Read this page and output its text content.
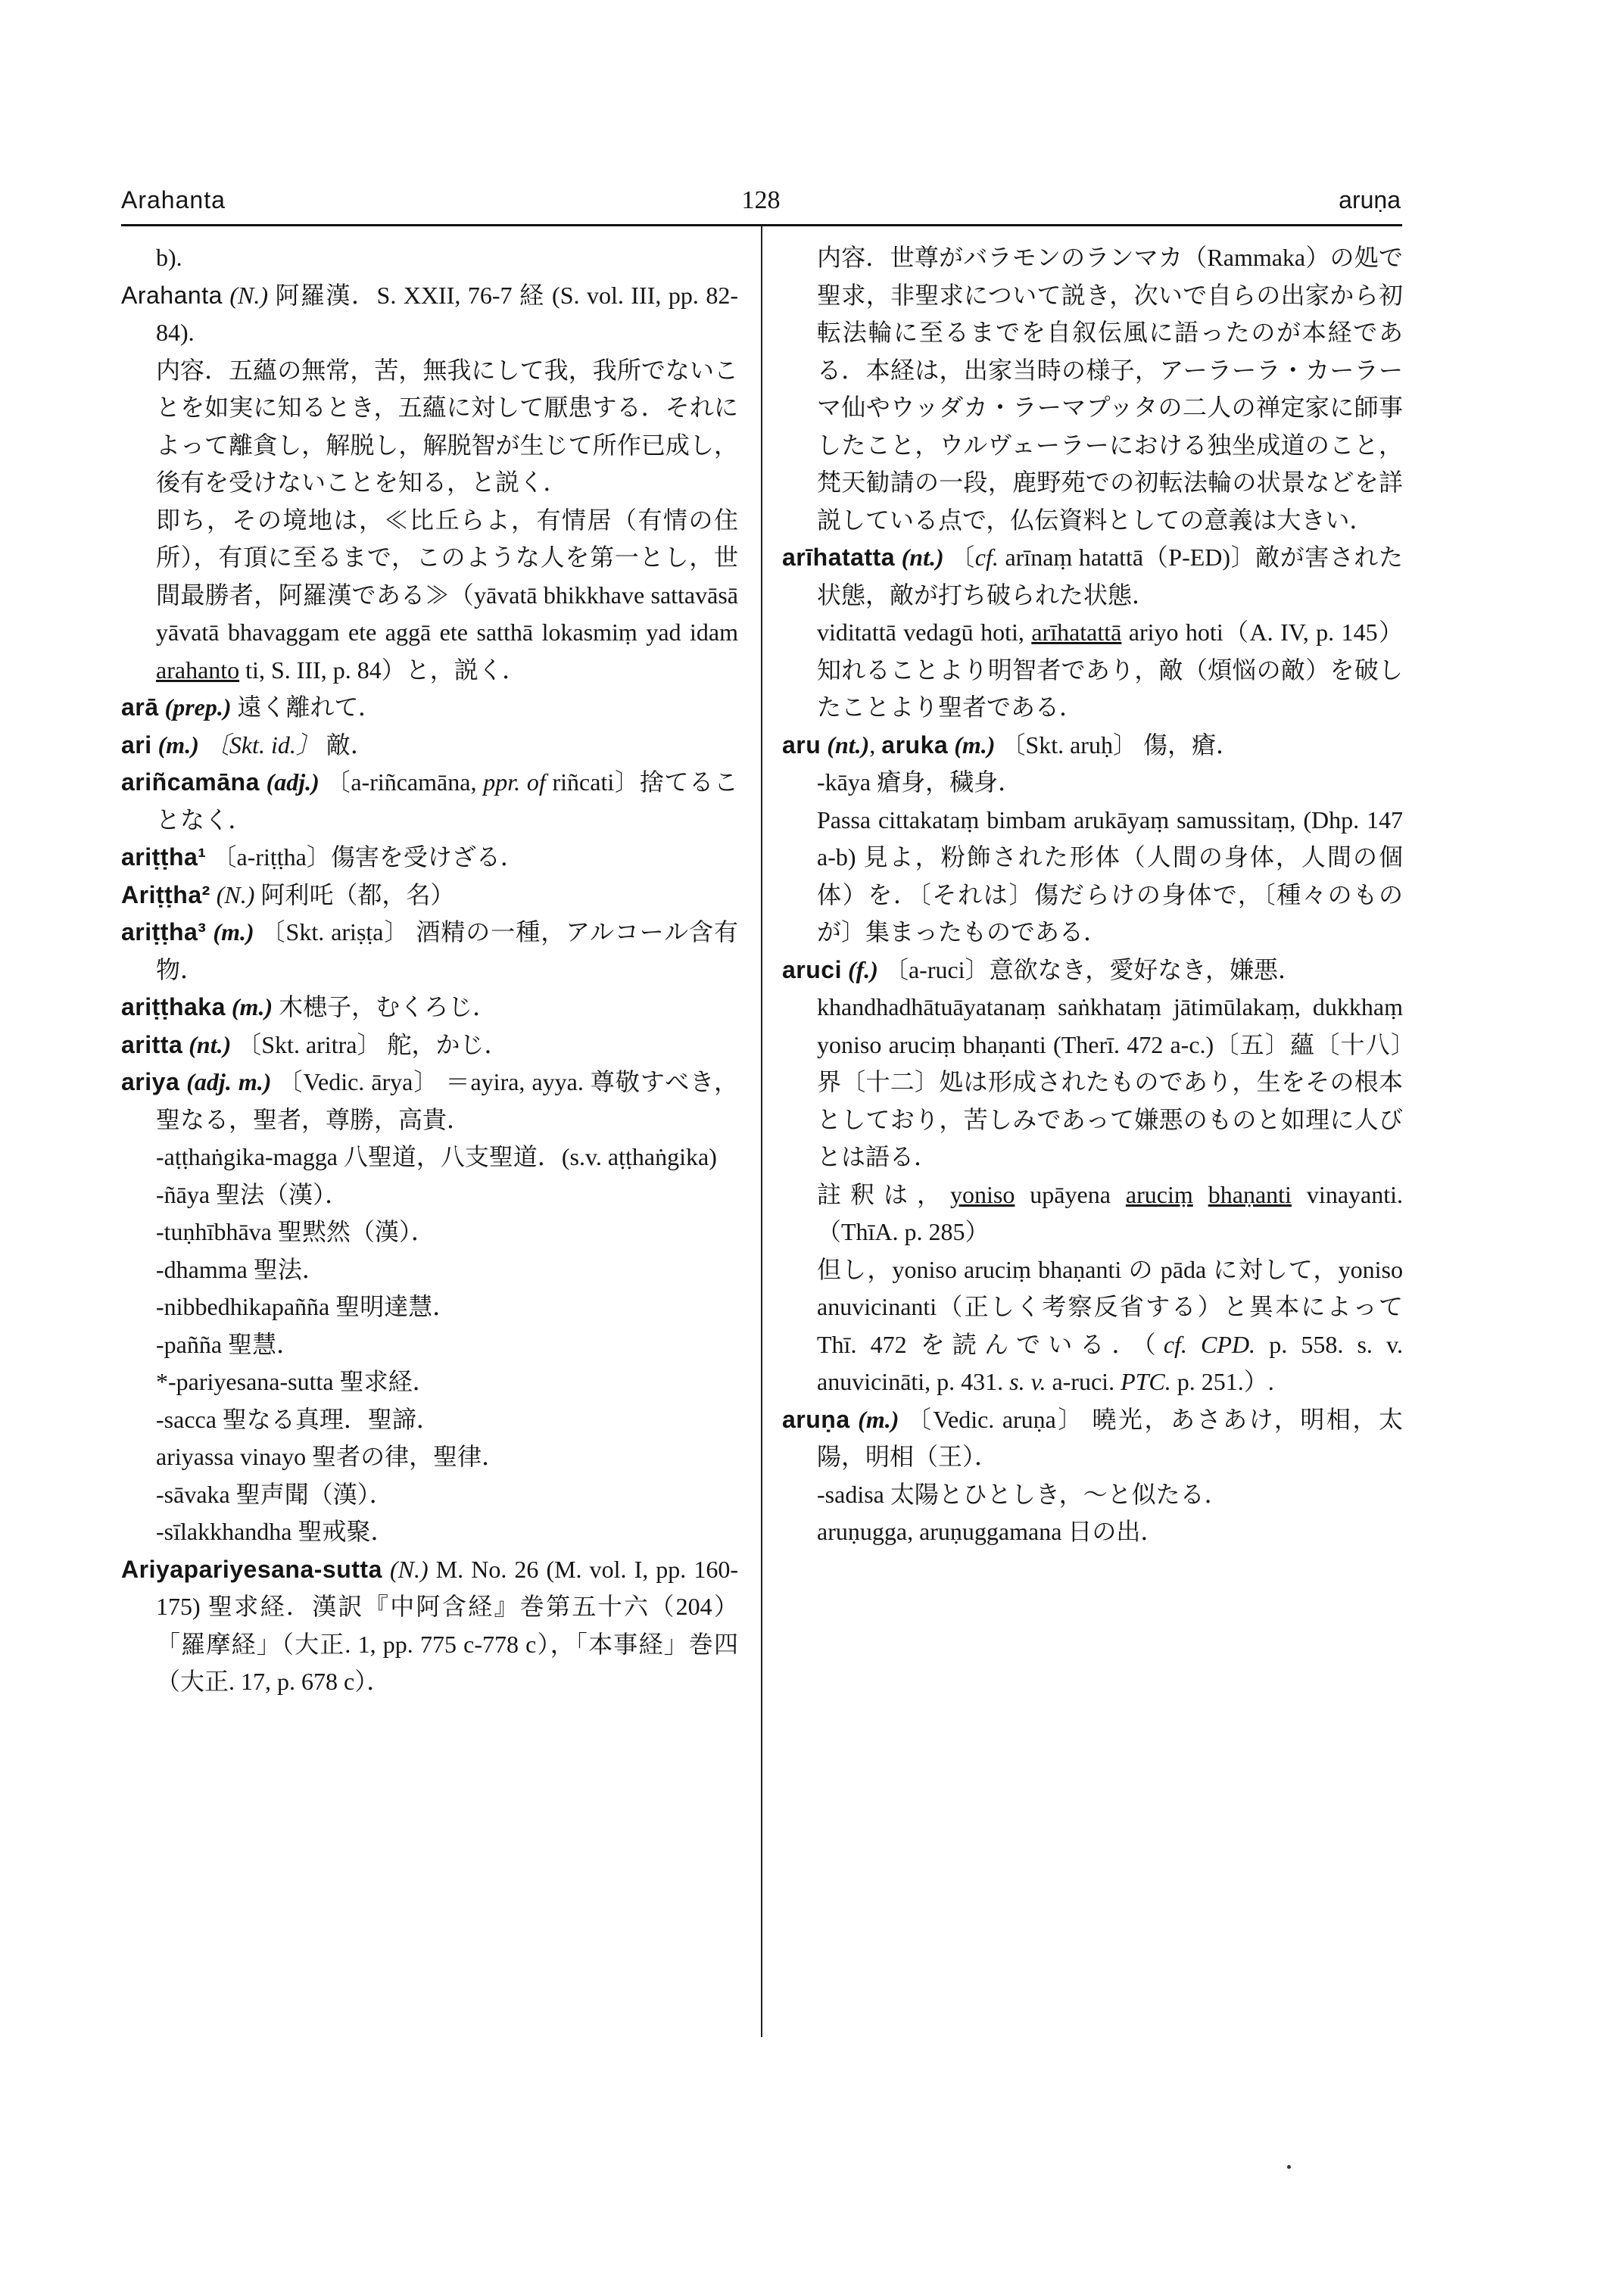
Arahanta	128	aruṇa

b).

Arahanta (N.) 阿羅漢．S. XXII, 76-7 経 (S. vol. III, pp. 82-84).

内容．五蘊の無常，苦，無我にして我，我所でないことを如実に知るとき，五蘊に対して厭患する．それによって離貪し，解脱し，解脱智が生じて所作已成し，後有を受けないことを知る，と説く．

即ち，その境地は，≪比丘らよ，有情居（有情の住所），有頂に至るまで，このような人を第一とし，世間最勝者，阿羅漢である≫（yāvatā bhikkhave sattavāsā yāvatā bhavaggam ete aggā ete satthā lokasmiṃ yad idam arahanto ti, S. III, p. 84）と，説く．

arā (prep.) 遠く離れて．

ari (m.) 〔Skt. id.〕 敵．

ariñcamāna (adj.) 〔a-riñcamāna, ppr. of riñcati〕捨てることなく．

ariṭṭha¹ 〔a-riṭṭha〕傷害を受けざる．

Ariṭṭha² (N.) 阿利吒（都，名）

ariṭṭha³ (m.) 〔Skt. ariṣṭa〕 酒精の一種，アルコール含有物．

ariṭṭhaka (m.) 木槵子，むくろじ．

aritta (nt.) 〔Skt. aritra〕 舵，かじ．

ariya (adj. m.) 〔Vedic. ārya〕 ＝ayira, ayya. 尊敬すべき，聖なる，聖者，尊勝，高貴．

-aṭṭhaṅgika-magga 八聖道，八支聖道．(s.v. aṭṭhaṅgika)

-ñāya 聖法（漢）．

-tuṇhībhāva 聖黙然（漢）．

-dhamma 聖法．

-nibbedhikapañña 聖明達慧．

-pañña 聖慧．

*-pariyesana-sutta 聖求経．

-sacca 聖なる真理．聖諦．

ariyassa vinayo 聖者の律，聖律．

-sāvaka 聖声聞（漢）．

-sīlakkhandha 聖戒聚．

Ariyapariyesana-sutta (N.) M. No. 26 (M. vol. I, pp. 160-175) 聖求経．漢訳『中阿含経』巻第五十六（204）「羅摩経」（大正. 1, pp. 775 c-778 c），「本事経」巻四（大正. 17, p. 678 c）．

内容．世尊がバラモンのランマカ（Rammaka）の処で聖求，非聖求について説き，次いで自らの出家から初転法輪に至るまでを自叙伝風に語ったのが本経である．本経は，出家当時の様子，アーラーラ・カーラーマ仙やウッダカ・ラーマプッタの二人の禅定家に師事したこと，ウルヴェーラーにおける独坐成道のこと，梵天勧請の一段，鹿野苑での初転法輪の状景などを詳説している点で，仏伝資料としての意義は大きい．

arīhatatta (nt.) 〔cf. arīnaṃ hatattā（P-ED)〕敵が害された状態，敵が打ち破られた状態．

viditattā vedagū hoti, arīhatattā ariyo hoti（A. IV, p. 145）知れることより明智者であり，敵（煩悩の敵）を破したことより聖者である．

aru (nt.), aruka (m.) 〔Skt. aruḥ〕 傷，瘡．

-kāya 瘡身，穢身．

Passa cittakataṃ bimbam arukāyaṃ samussitaṃ, (Dhp. 147 a-b) 見よ，粉飾された形体（人間の身体，人間の個体）を．〔それは〕傷だらけの身体で，〔種々のものが〕集まったものである．

aruci (f.) 〔a-ruci〕意欲なき，愛好なき，嫌悪．

khandhadhātuāyatanaṃ saṅkhataṃ jātimūlakaṃ, dukkhaṃ yoniso aruciṃ bhaṇanti (Therī. 472 a-c.)〔五〕蘊〔十八〕界〔十二〕処は形成されたものであり，生をその根本としており，苦しみであって嫌悪のものと如理に人びとは語る．

註釈は，yoniso upāyena aruciṃ bhaṇanti vinayanti.（ThīA. p. 285）

但し，yoniso aruciṃ bhaṇanti の pāda に対して，yoniso anuvicinanti（正しく考察反省する）と異本によって Thī. 472 を読んでいる．（cf. CPD. p. 558. s. v. anuvicināti, p. 431. s. v. a-ruci. PTC. p. 251.）.

aruṇa (m.) 〔Vedic. aruṇa〕 曉光，あさあけ，明相，太陽，明相（王）．

-sadisa 太陽とひとしき，～と似たる．

aruṇugga, aruṇuggamana 日の出．
